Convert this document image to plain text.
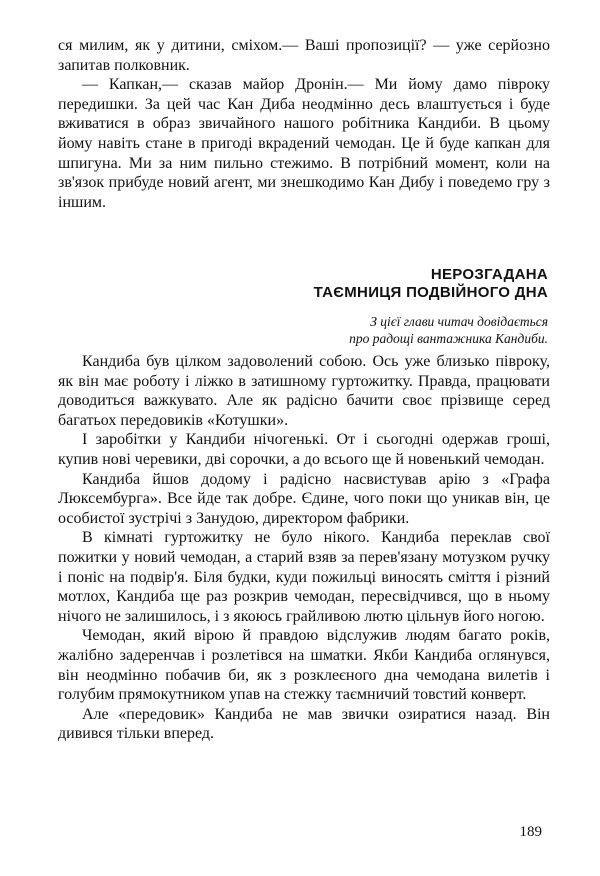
ся милим, як у дитини, сміхом.— Ваші пропозиції? — уже серйозно запитав полковник.

— Капкан,— сказав майор Дронін.— Ми йому дамо півроку передишки. За цей час Кан Диба неодмінно десь влаштується і буде вживатися в образ звичайного нашого робітника Кандиби. В цьому йому навіть стане в пригоді вкрадений чемодан. Це й буде капкан для шпигуна. Ми за ним пильно стежимо. В потрібний момент, коли на зв'язок прибуде новий агент, ми знешкодимо Кан Дибу і поведемо гру з іншим.

НЕРОЗГАДАНА
ТАЄМНИЦЯ ПОДВІЙНОГО ДНА
З цієї глави читач довідається
про радощі вантажника Кандиби.

Кандиба був цілком задоволений собою. Ось уже близько півроку, як він має роботу і ліжко в затишному гуртожитку. Правда, працювати доводиться важкувато. Але як радісно бачити своє прізвище серед багатьох передовиків «Котушки».

І заробітки у Кандиби нічогенькі. От і сьогодні одержав гроші, купив нові черевики, дві сорочки, а до всього ще й новенький чемодан.

Кандиба йшов додому і радісно насвистував арію з «Графа Люксембурга». Все йде так добре. Єдине, чого поки що уникав він, це особистої зустрічі з Занудою, директором фабрики.

В кімнаті гуртожитку не було нікого. Кандиба переклав свої пожитки у новий чемодан, а старий взяв за перев'язану мотузком ручку і поніс на подвір'я. Біля будки, куди пожильці виносять сміття і різний мотлох, Кандиба ще раз розкрив чемодан, пересвідчився, що в ньому нічого не залишилось, і з якоюсь грайливою лютю цільнув його ногою.

Чемодан, який вірою й правдою відслужив людям багато років, жалібно задеренчав і розлетівся на шматки. Якби Кандиба оглянувся, він неодмінно побачив би, як з розклеєного дна чемодана вилетів і голубим прямокутником упав на стежку таємничий товстий конверт.

Але «передовик» Кандиба не мав звички озиратися назад. Він дивився тільки вперед.

189
